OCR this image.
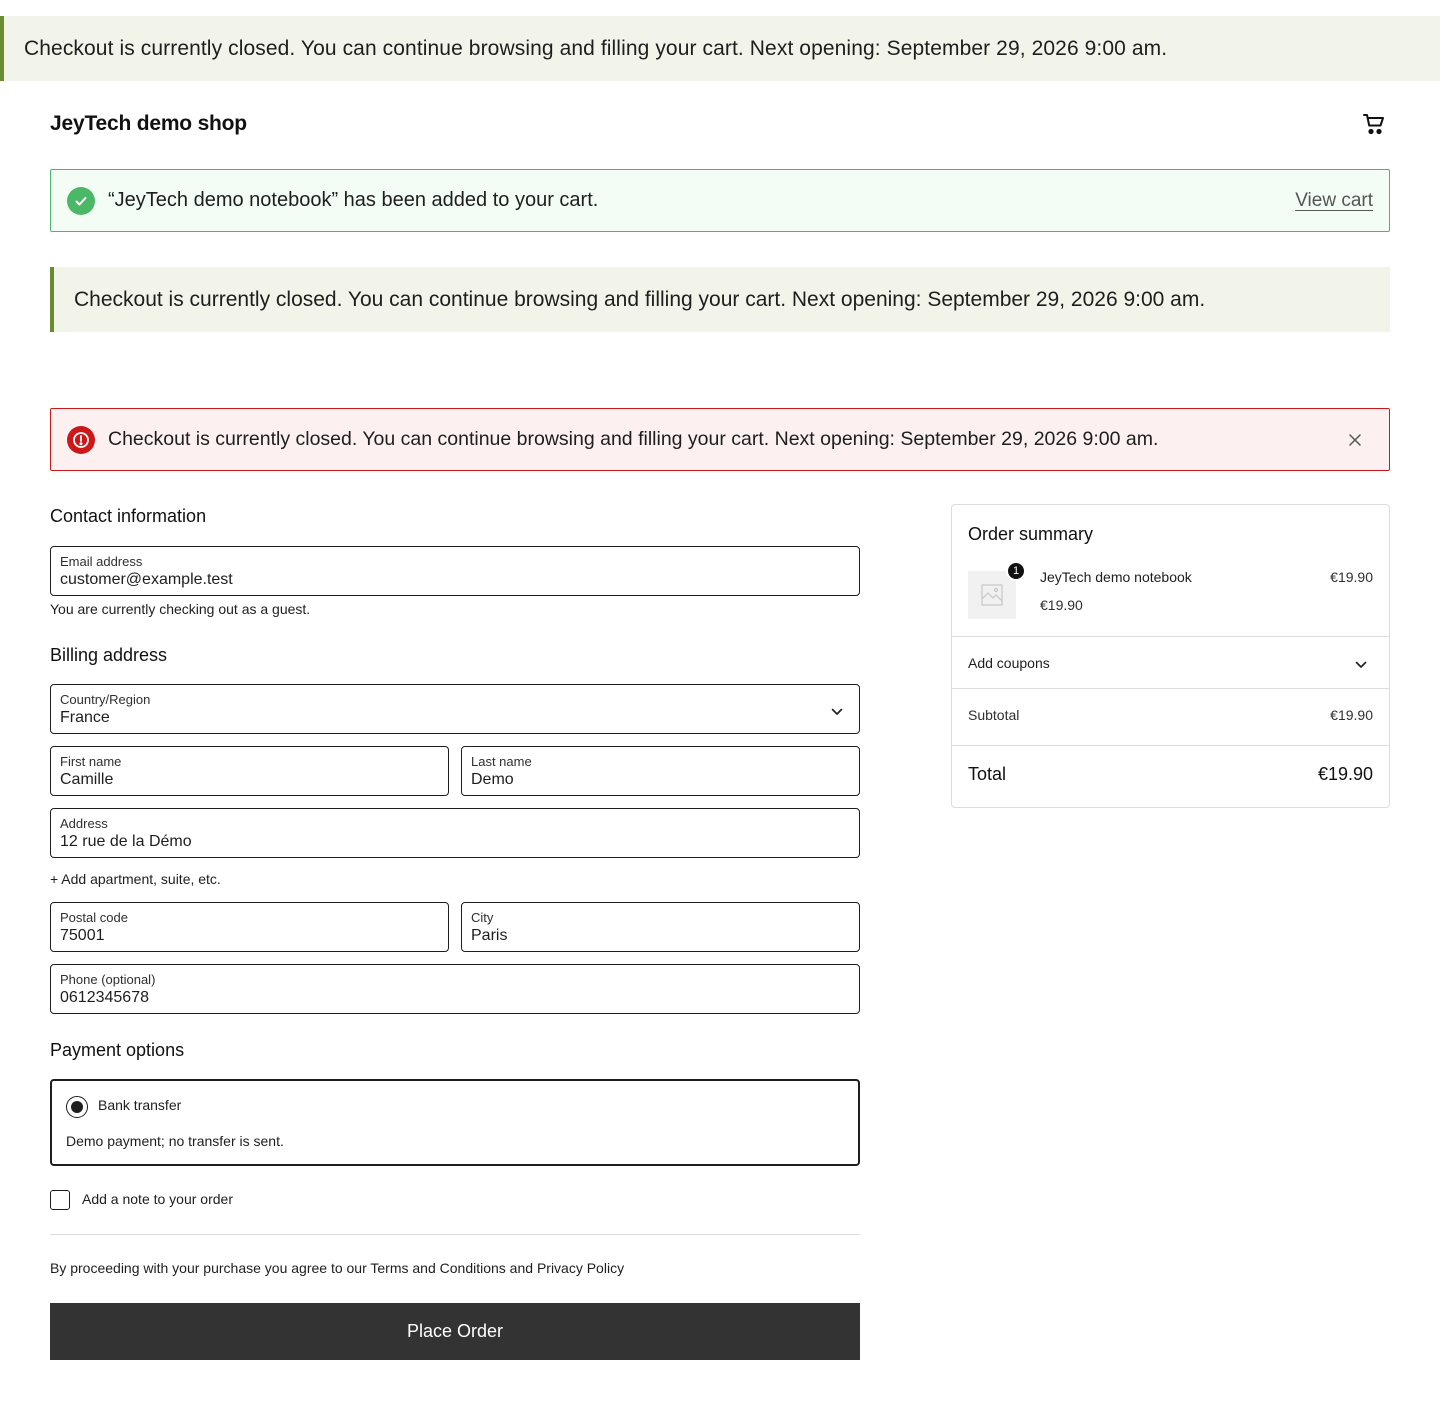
Checkout is currently closed. You can continue browsing and filling your cart. Next opening: September 29, 2026 9:00 am.
JeyTech demo shop
“JeyTech demo notebook” has been added to your cart.	View cart
Checkout is currently closed. You can continue browsing and filling your cart. Next opening: September 29, 2026 9:00 am.
Checkout is currently closed. You can continue browsing and filling your cart. Next opening: September 29, 2026 9:00 am.
Contact information
Email address
customer@example.test
You are currently checking out as a guest.
Billing address
Country/Region
France
First name
Camille
Last name
Demo
Address
12 rue de la Démo
+ Add apartment, suite, etc.
Postal code
75001
City
Paris
Phone (optional)
0612345678
Payment options
Bank transfer
Demo payment; no transfer is sent.
Add a note to your order
By proceeding with your purchase you agree to our Terms and Conditions and Privacy Policy
Place Order
Order summary
1	JeyTech demo notebook	€19.90
€19.90
Add coupons
Subtotal	€19.90
Total	€19.90
